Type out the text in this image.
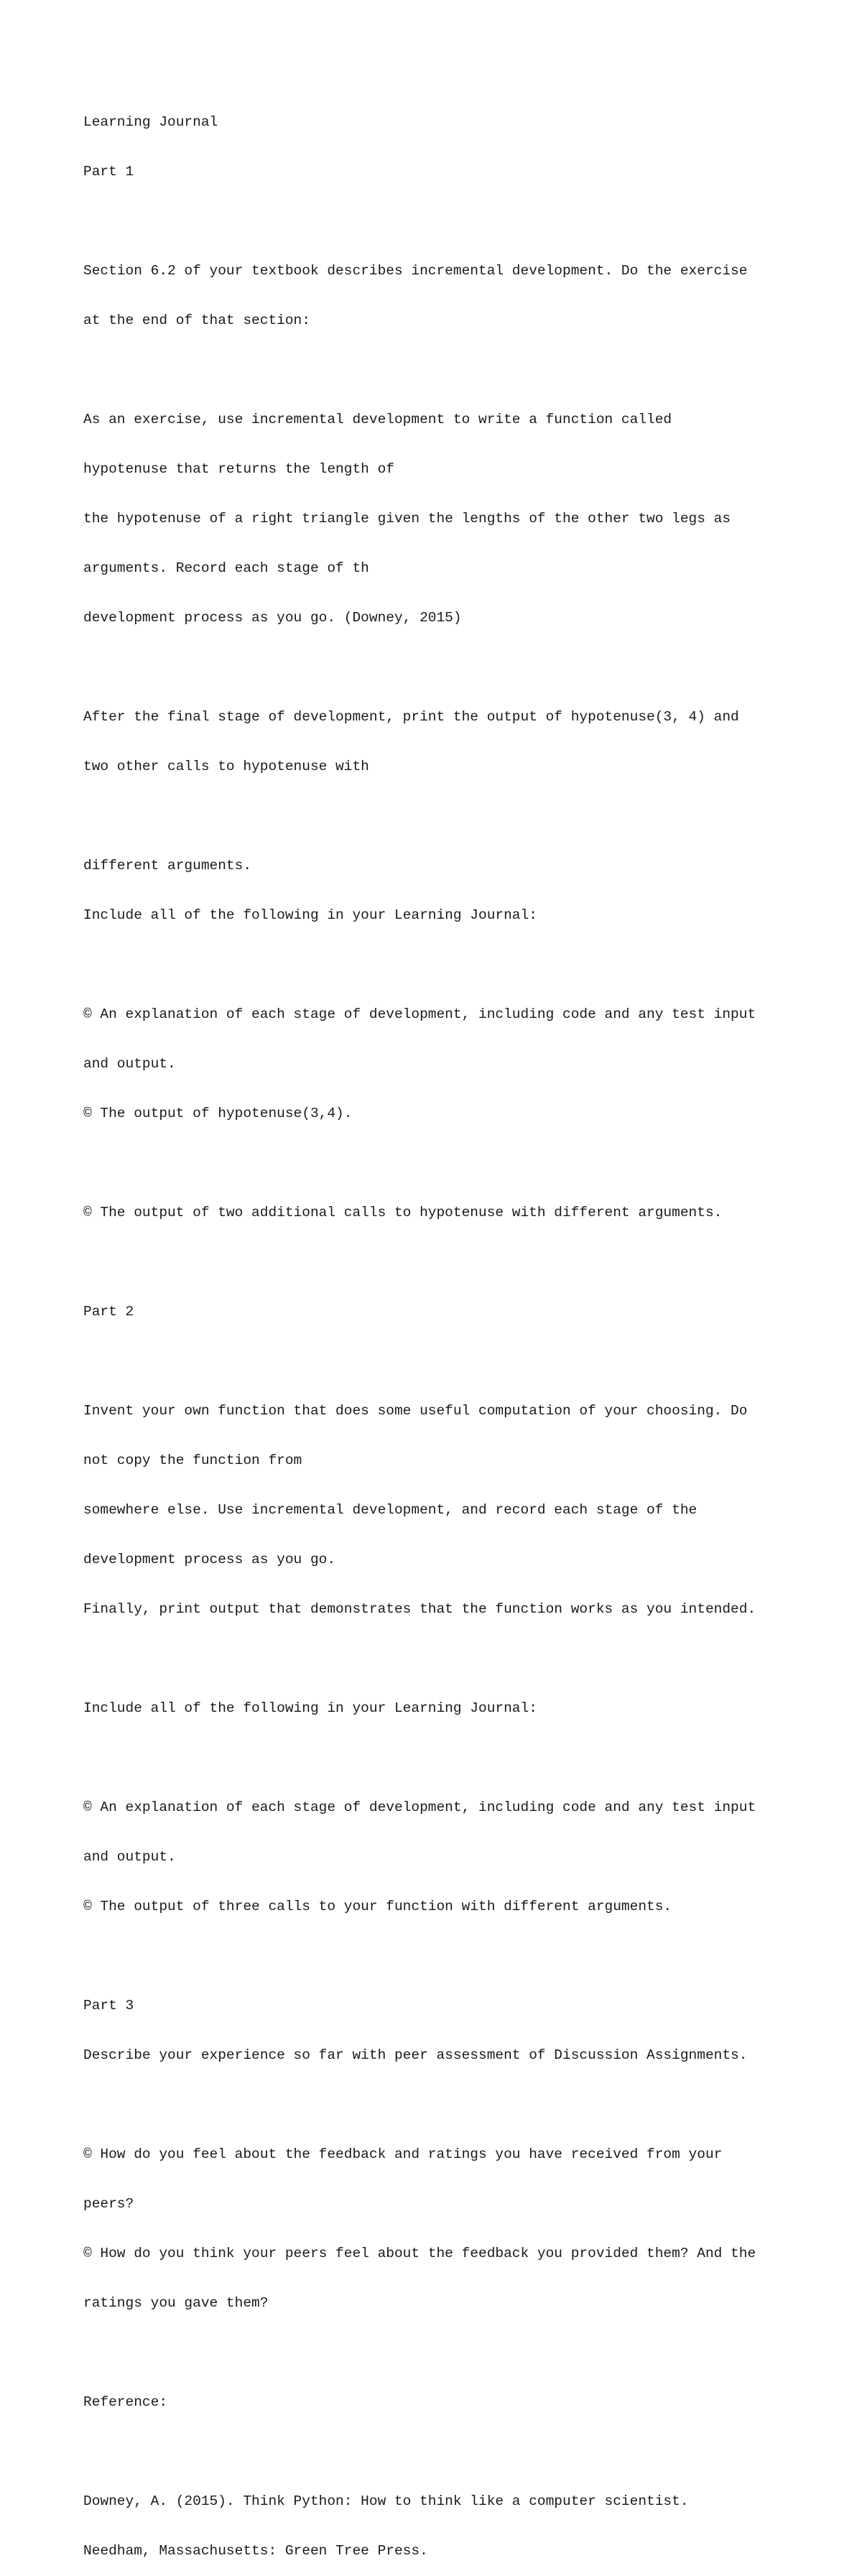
Learning Journal

Part 1

Section 6.2 of your textbook describes incremental development. Do the exercise

at the end of that section:

As an exercise, use incremental development to write a function called

hypotenuse that returns the length of

the hypotenuse of a right triangle given the lengths of the other two legs as

arguments. Record each stage of th

development process as you go. (Downey, 2015)

After the final stage of development, print the output of hypotenuse(3, 4) and

two other calls to hypotenuse with

different arguments.

Include all of the following in your Learning Journal:

© An explanation of each stage of development, including code and any test input

and output.

© The output of hypotenuse(3,4).

© The output of two additional calls to hypotenuse with different arguments.

Part 2

Invent your own function that does some useful computation of your choosing. Do

not copy the function from

somewhere else. Use incremental development, and record each stage of the

development process as you go.

Finally, print output that demonstrates that the function works as you intended.

Include all of the following in your Learning Journal:

© An explanation of each stage of development, including code and any test input

and output.

© The output of three calls to your function with different arguments.

Part 3

Describe your experience so far with peer assessment of Discussion Assignments.

© How do you feel about the feedback and ratings you have received from your

peers?

© How do you think your peers feel about the feedback you provided them? And the

ratings you gave them?

Reference:

Downey, A. (2015). Think Python: How to think like a computer scientist.

Needham, Massachusetts: Green Tree Press.
